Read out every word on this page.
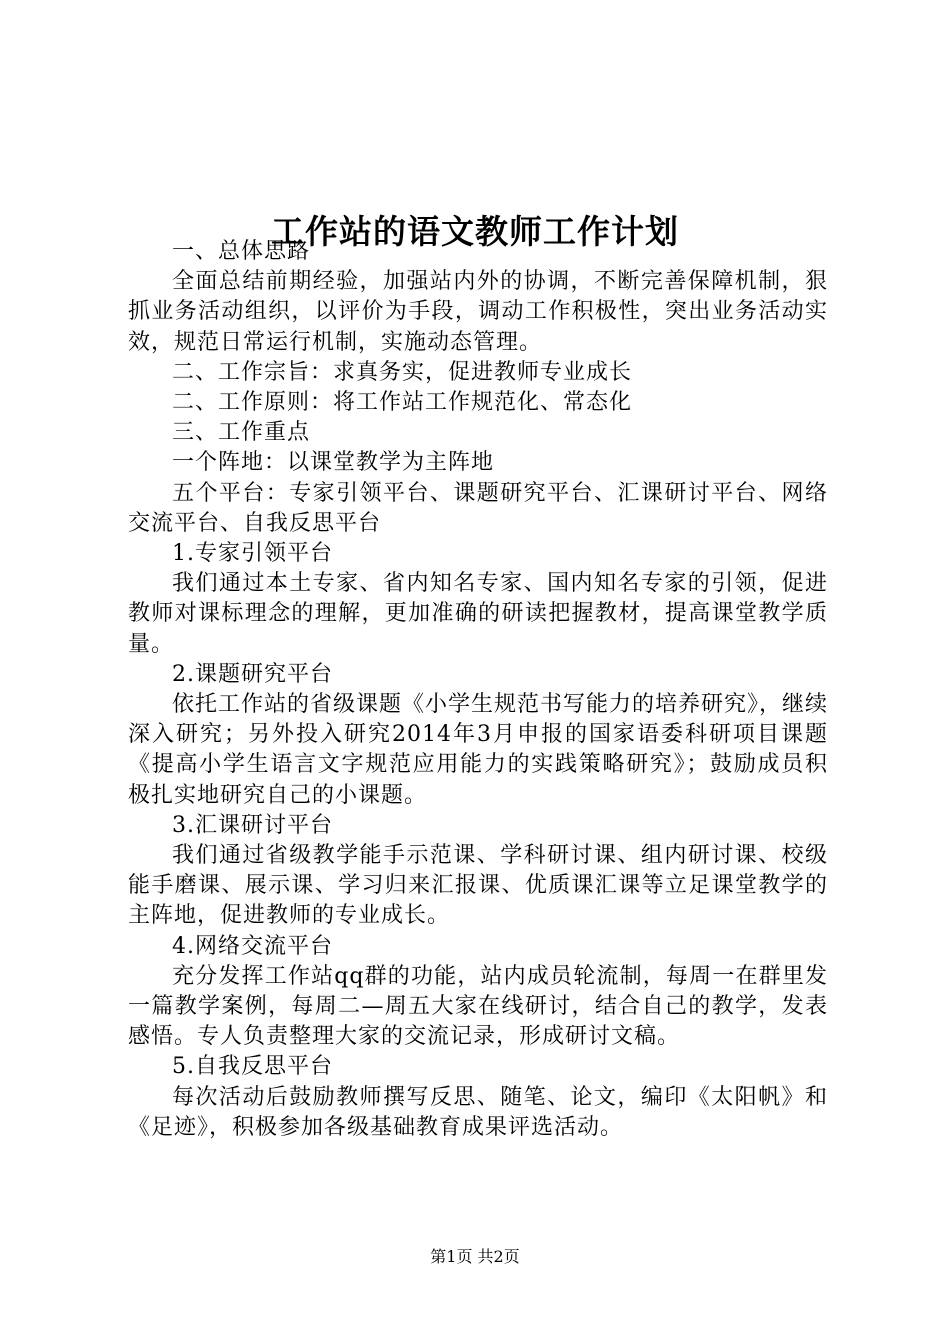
工作站的语文教师工作计划

一、总体思路

全面总结前期经验，加强站内外的协调，不断完善保障机制，狠抓业务活动组织，以评价为手段，调动工作积极性，突出业务活动实效，规范日常运行机制，实施动态管理。

二、工作宗旨：求真务实，促进教师专业成长

二、工作原则：将工作站工作规范化、常态化

三、工作重点

一个阵地：以课堂教学为主阵地

五个平台：专家引领平台、课题研究平台、汇课研讨平台、网络交流平台、自我反思平台

1.专家引领平台

我们通过本土专家、省内知名专家、国内知名专家的引领，促进教师对课标理念的理解，更加准确的研读把握教材，提高课堂教学质量。

2.课题研究平台

依托工作站的省级课题《小学生规范书写能力的培养研究》，继续深入研究；另外投入研究2014年3月申报的国家语委科研项目课题《提高小学生语言文字规范应用能力的实践策略研究》；鼓励成员积极扎实地研究自己的小课题。

3.汇课研讨平台

我们通过省级教学能手示范课、学科研讨课、组内研讨课、校级能手磨课、展示课、学习归来汇报课、优质课汇课等立足课堂教学的主阵地，促进教师的专业成长。

4.网络交流平台

充分发挥工作站qq群的功能，站内成员轮流制，每周一在群里发一篇教学案例，每周二—周五大家在线研讨，结合自己的教学，发表感悟。专人负责整理大家的交流记录，形成研讨文稿。

5.自我反思平台

每次活动后鼓励教师撰写反思、随笔、论文，编印《太阳帆》和《足迹》，积极参加各级基础教育成果评选活动。

第1页 共2页
